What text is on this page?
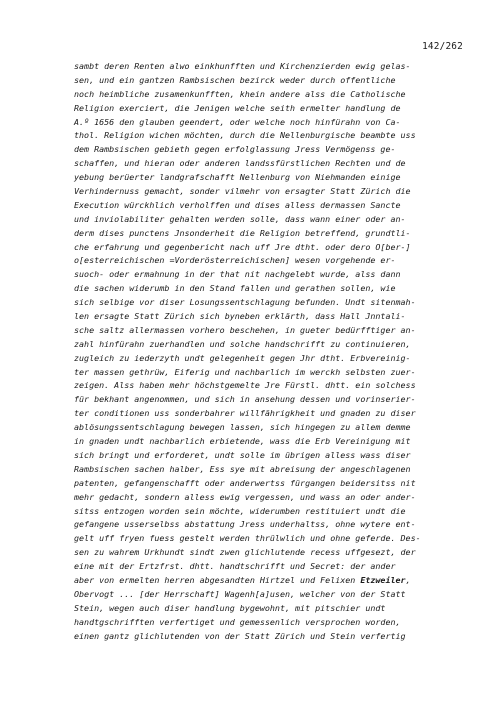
142/262
sambt deren Renten alwo einkhunfften und Kirchenzierden ewig gelas-
sen, und ein gantzen Rambsischen bezirck weder durch offentliche
noch heimbliche zusamenkunfften, khein andere alss die Catholische
Religion exerciert, die Jenigen welche seith ermelter handlung de
A.º 1656 den glauben geendert, oder welche noch hinfürahn von Ca-
thol. Religion wichen möchten, durch die Nellenburgische beambte uss
dem Rambsischen gebieth gegen erfolglassung Jress Vermögenss ge-
schaffen, und hieran oder anderen landssfürstlichen Rechten und de
yebung berüerter landgrafschafft Nellenburg von Niehmanden einige
Verhindernuss gemacht, sonder vilmehr von ersagter Statt Zürich die
Execution würckhlich verholffen und dises alless dermassen Sancte
und inviolabiliter gehalten werden solle, dass wann einer oder an-
derm dises punctens Jnsonderheit die Religion betreffend, grundtli-
che erfahrung und gegenbericht nach uff Jre dtht. oder dero O[ber-]
o[esterreichischen =Vorderösterreichischen] wesen vorgehende er-
suoch- oder ermahnung in der that nit nachgelebt wurde, alss dann
die sachen widerumb in den Stand fallen und gerathen sollen, wie
sich selbige vor diser Losungssentschlagung befunden. Undt sitenmah-
len ersagte Statt Zürich sich byneben erklärth, dass Hall Jnntali-
sche saltz allermassen vorhero beschehen, in gueter bedürfftiger an-
zahl hinfürahn zuerhandlen und solche handschrifft zu continuieren,
zugleich zu iederzyth undt gelegenheit gegen Jhr dtht. Erbvereinig-
ter massen gethrüw, Eiferig und nachbarlich im werckh selbsten zuer-
zeigen. Alss haben mehr höchstgemelte Jre Fürstl. dhtt. ein solchess
für bekhant angenommen, und sich in ansehung dessen und vorinserier-
ter conditionen uss sonderbahrer willfährigkheit und gnaden zu diser
ablösungssentschlagung bewegen lassen, sich hingegen zu allem demme
in gnaden undt nachbarlich erbietende, wass die Erb Vereinigung mit
sich bringt und erforderet, undt solle im übrigen alless wass diser
Rambsischen sachen halber, Ess sye mit abreisung der angeschlagenen
patenten, gefangenschafft oder anderwertss fürgangen beidersitss nit
mehr gedacht, sondern alless ewig vergessen, und wass an oder ander-
sitss entzogen worden sein möchte, widerumben restituiert undt die
gefangene usserselbss abstattung Jress underhaltss, ohne wytere ent-
gelt uff fryen fuess gestelt werden thrülwlich und ohne geferde. Des-
sen zu wahrem Urkhundt sindt zwen glichlutende recess uffgesezt, der
eine mit der Ertzfrst. dhtt. handtschrifft und Secret: der ander
aber von ermelten herren abgesandten Hirtzel und Felixen Etzweiler,
Obervogt ... [der Herrschaft] Wagenh[a]usen, welcher von der Statt
Stein, wegen auch diser handlung bygewohnt, mit pitschier undt
handtgschrifften verfertiget und gemessenlich versprochen worden,
einen gantz glichlutenden von der Statt Zürich und Stein verfertig
